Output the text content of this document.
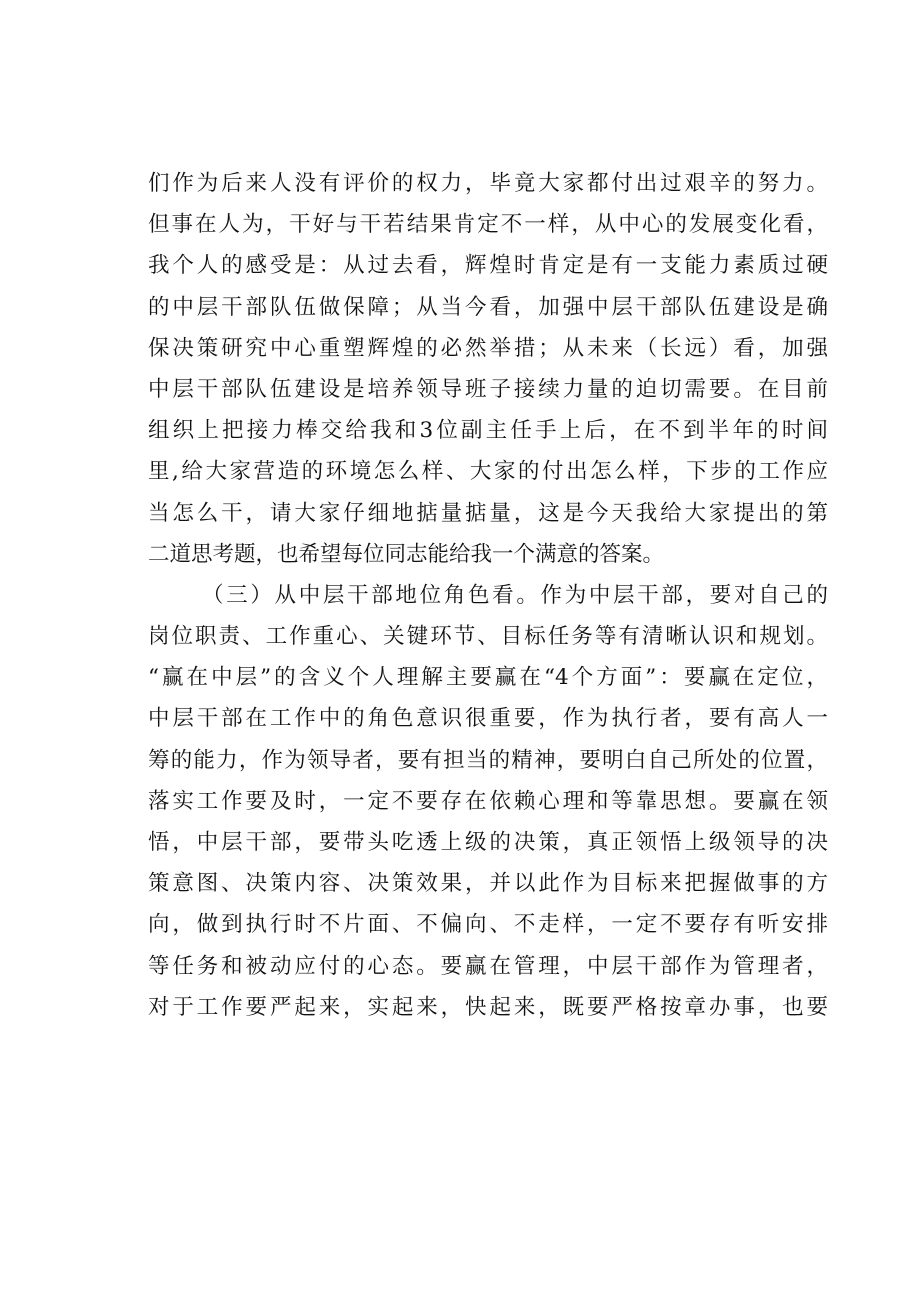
们作为后来人没有评价的权力，毕竟大家都付出过艰辛的努力。
但事在人为，干好与干若结果肯定不一样，从中心的发展变化看，
我个人的感受是：从过去看，辉煌时肯定是有一支能力素质过硬
的中层干部队伍做保障；从当今看，加强中层干部队伍建设是确
保决策研究中心重塑辉煌的必然举措；从未来（长远）看，加强
中层干部队伍建设是培养领导班子接续力量的迫切需要。在目前
组织上把接力棒交给我和3位副主任手上后，在不到半年的时间
里,给大家营造的环境怎么样、大家的付出怎么样，下步的工作应
当怎么干，请大家仔细地掂量掂量，这是今天我给大家提出的第
二道思考题，也希望每位同志能给我一个满意的答案。
（三）从中层干部地位角色看。作为中层干部，要对自己的
岗位职责、工作重心、关键环节、目标任务等有清晰认识和规划。
“赢在中层”的含义个人理解主要赢在“4个方面”：要赢在定位，
中层干部在工作中的角色意识很重要，作为执行者，要有高人一
筹的能力，作为领导者，要有担当的精神，要明白自己所处的位置，
落实工作要及时，一定不要存在依赖心理和等靠思想。要赢在领
悟，中层干部，要带头吃透上级的决策，真正领悟上级领导的决
策意图、决策内容、决策效果，并以此作为目标来把握做事的方
向，做到执行时不片面、不偏向、不走样，一定不要存有听安排
等任务和被动应付的心态。要赢在管理，中层干部作为管理者，
对于工作要严起来，实起来，快起来，既要严格按章办事，也要
